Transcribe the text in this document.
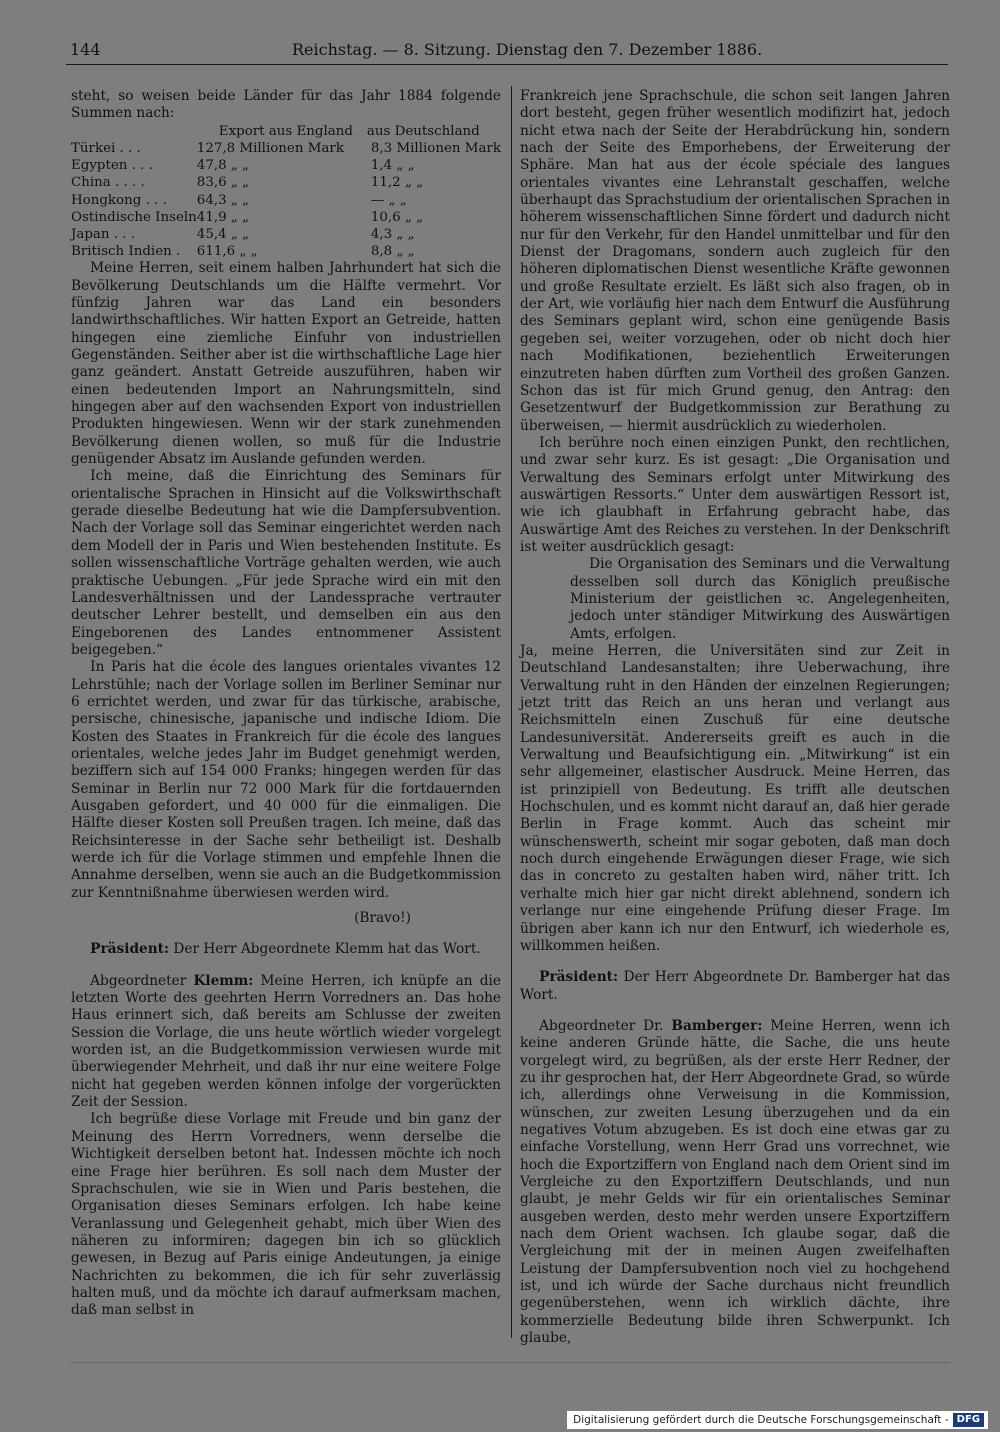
144	Reichstag. — 8. Sitzung. Dienstag den 7. Dezember 1886.

steht, so weisen beide Länder für das Jahr 1884 folgende Summen nach:

	Export aus England	aus Deutschland
Türkei . . .	127,8 Millionen Mark	8,3 Millionen Mark
Egypten . . .	47,8 „ „	1,4 „ „
China . . . .	83,6 „ „	11,2 „ „
Hongkong . . .	64,3 „ „	— „ „
Ostindische Inseln	41,9 „ „	10,6 „ „
Japan . . .	45,4 „ „	4,3 „ „
Britisch Indien .	611,6 „ „	8,8 „ „

Meine Herren, seit einem halben Jahrhundert hat sich die Bevölkerung Deutschlands um die Hälfte vermehrt. Vor fünfzig Jahren war das Land ein besonders landwirthschaftliches. Wir hatten Export an Getreide, hatten hingegen eine ziemliche Einfuhr von industriellen Gegenständen. Seither aber ist die wirthschaftliche Lage hier ganz geändert. Anstatt Getreide auszuführen, haben wir einen bedeutenden Import an Nahrungsmitteln, sind hingegen aber auf den wachsenden Export von industriellen Produkten hingewiesen. Wenn wir der stark zunehmenden Bevölkerung dienen wollen, so muß für die Industrie genügender Absatz im Auslande gefunden werden.

Ich meine, daß die Einrichtung des Seminars für orientalische Sprachen in Hinsicht auf die Volkswirthschaft gerade dieselbe Bedeutung hat wie die Dampfersubvention. Nach der Vorlage soll das Seminar eingerichtet werden nach dem Modell der in Paris und Wien bestehenden Institute. Es sollen wissenschaftliche Vorträge gehalten werden, wie auch praktische Uebungen. „Für jede Sprache wird ein mit den Landesverhältnissen und der Landessprache vertrauter deutscher Lehrer bestellt, und demselben ein aus den Eingeborenen des Landes entnommener Assistent beigegeben.“

In Paris hat die école des langues orientales vivantes 12 Lehrstühle; nach der Vorlage sollen im Berliner Seminar nur 6 errichtet werden, und zwar für das türkische, arabische, persische, chinesische, japanische und indische Idiom. Die Kosten des Staates in Frankreich für die école des langues orientales, welche jedes Jahr im Budget genehmigt werden, beziffern sich auf 154 000 Franks; hingegen werden für das Seminar in Berlin nur 72 000 Mark für die fortdauernden Ausgaben gefordert, und 40 000 für die einmaligen. Die Hälfte dieser Kosten soll Preußen tragen. Ich meine, daß das Reichsinteresse in der Sache sehr betheiligt ist. Deshalb werde ich für die Vorlage stimmen und empfehle Ihnen die Annahme derselben, wenn sie auch an die Budgetkommission zur Kenntnißnahme überwiesen werden wird.

(Bravo!)

Präsident: Der Herr Abgeordnete Klemm hat das Wort.

Abgeordneter Klemm: Meine Herren, ich knüpfe an die letzten Worte des geehrten Herrn Vorredners an. Das hohe Haus erinnert sich, daß bereits am Schlusse der zweiten Session die Vorlage, die uns heute wörtlich wieder vorgelegt worden ist, an die Budgetkommission verwiesen wurde mit überwiegender Mehrheit, und daß ihr nur eine weitere Folge nicht hat gegeben werden können infolge der vorgerückten Zeit der Session.

Ich begrüße diese Vorlage mit Freude und bin ganz der Meinung des Herrn Vorredners, wenn derselbe die Wichtigkeit derselben betont hat. Indessen möchte ich noch eine Frage hier berühren. Es soll nach dem Muster der Sprachschulen, wie sie in Wien und Paris bestehen, die Organisation dieses Seminars erfolgen. Ich habe keine Veranlassung und Gelegenheit gehabt, mich über Wien des näheren zu informiren; dagegen bin ich so glücklich gewesen, in Bezug auf Paris einige Andeutungen, ja einige Nachrichten zu bekommen, die ich für sehr zuverlässig halten muß, und da möchte ich darauf aufmerksam machen, daß man selbst in

Frankreich jene Sprachschule, die schon seit langen Jahren dort besteht, gegen früher wesentlich modifizirt hat, jedoch nicht etwa nach der Seite der Herabdrückung hin, sondern nach der Seite des Emporhebens, der Erweiterung der Sphäre. Man hat aus der école spéciale des langues orientales vivantes eine Lehranstalt geschaffen, welche überhaupt das Sprachstudium der orientalischen Sprachen in höherem wissenschaftlichen Sinne fördert und dadurch nicht nur für den Verkehr, für den Handel unmittelbar und für den Dienst der Dragomans, sondern auch zugleich für den höheren diplomatischen Dienst wesentliche Kräfte gewonnen und große Resultate erzielt. Es läßt sich also fragen, ob in der Art, wie vorläufig hier nach dem Entwurf die Ausführung des Seminars geplant wird, schon eine genügende Basis gegeben sei, weiter vorzugehen, oder ob nicht doch hier nach Modifikationen, beziehentlich Erweiterungen einzutreten haben dürften zum Vortheil des großen Ganzen. Schon das ist für mich Grund genug, den Antrag: den Gesetzentwurf der Budgetkommission zur Berathung zu überweisen, — hiermit ausdrücklich zu wiederholen.

Ich berühre noch einen einzigen Punkt, den rechtlichen, und zwar sehr kurz. Es ist gesagt: „Die Organisation und Verwaltung des Seminars erfolgt unter Mitwirkung des auswärtigen Ressorts.“ Unter dem auswärtigen Ressort ist, wie ich glaubhaft in Erfahrung gebracht habe, das Auswärtige Amt des Reiches zu verstehen. In der Denkschrift ist weiter ausdrücklich gesagt:

Die Organisation des Seminars und die Verwaltung desselben soll durch das Königlich preußische Ministerium der geistlichen ꝛc. Angelegenheiten, jedoch unter ständiger Mitwirkung des Auswärtigen Amts, erfolgen.

Ja, meine Herren, die Universitäten sind zur Zeit in Deutschland Landesanstalten; ihre Ueberwachung, ihre Verwaltung ruht in den Händen der einzelnen Regierungen; jetzt tritt das Reich an uns heran und verlangt aus Reichsmitteln einen Zuschuß für eine deutsche Landesuniversität. Andererseits greift es auch in die Verwaltung und Beaufsichtigung ein. „Mitwirkung“ ist ein sehr allgemeiner, elastischer Ausdruck. Meine Herren, das ist prinzipiell von Bedeutung. Es trifft alle deutschen Hochschulen, und es kommt nicht darauf an, daß hier gerade Berlin in Frage kommt. Auch das scheint mir wünschenswerth, scheint mir sogar geboten, daß man doch noch durch eingehende Erwägungen dieser Frage, wie sich das in concreto zu gestalten haben wird, näher tritt. Ich verhalte mich hier gar nicht direkt ablehnend, sondern ich verlange nur eine eingehende Prüfung dieser Frage. Im übrigen aber kann ich nur den Entwurf, ich wiederhole es, willkommen heißen.

Präsident: Der Herr Abgeordnete Dr. Bamberger hat das Wort.

Abgeordneter Dr. Bamberger: Meine Herren, wenn ich keine anderen Gründe hätte, die Sache, die uns heute vorgelegt wird, zu begrüßen, als der erste Herr Redner, der zu ihr gesprochen hat, der Herr Abgeordnete Grad, so würde ich, allerdings ohne Verweisung in die Kommission, wünschen, zur zweiten Lesung überzugehen und da ein negatives Votum abzugeben. Es ist doch eine etwas gar zu einfache Vorstellung, wenn Herr Grad uns vorrechnet, wie hoch die Exportziffern von England nach dem Orient sind im Vergleiche zu den Exportziffern Deutschlands, und nun glaubt, je mehr Gelds wir für ein orientalisches Seminar ausgeben werden, desto mehr werden unsere Exportziffern nach dem Orient wachsen. Ich glaube sogar, daß die Vergleichung mit der in meinen Augen zweifelhaften Leistung der Dampfersubvention noch viel zu hochgehend ist, und ich würde der Sache durchaus nicht freundlich gegenüberstehen, wenn ich wirklich dächte, ihre kommerzielle Bedeutung bilde ihren Schwerpunkt. Ich glaube,

Digitalisierung gefördert durch die Deutsche Forschungsgemeinschaft - DFG
